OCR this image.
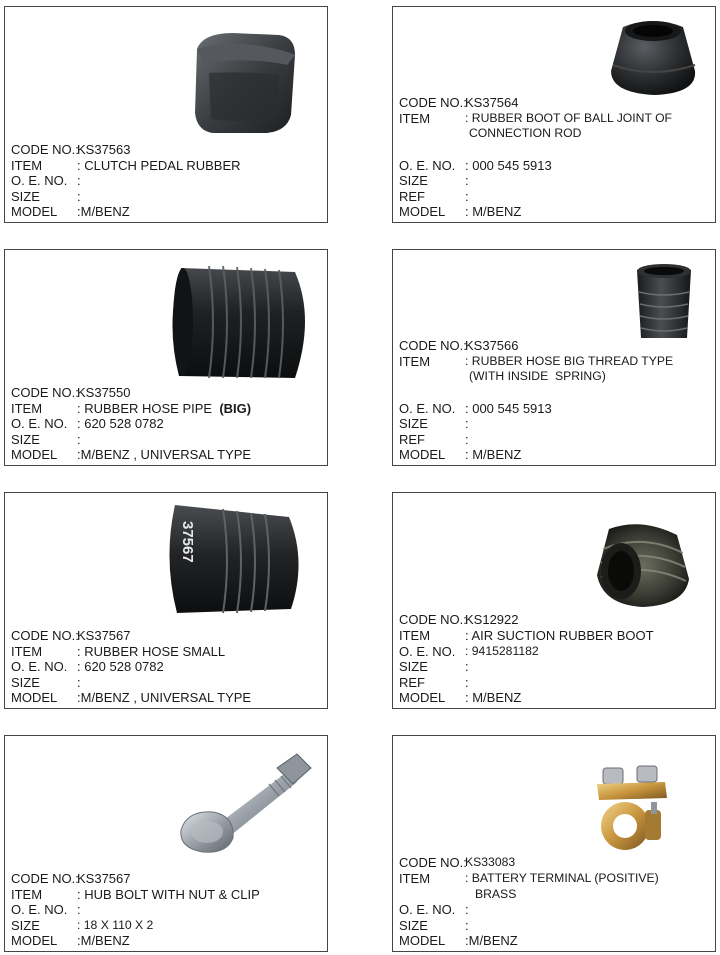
CODE NO.:
KS37563
ITEM	: CLUTCH PEDAL RUBBER
O. E. NO. :
SIZE	:
MODEL	:M/BENZ
CODE NO.:
KS37564
ITEM	: RUBBER BOOT OF BALL JOINT OF
CONNECTION ROD

O. E. NO. : 000 545 5913
SIZE	:
REF	:
MODEL	: M/BENZ
CODE NO.:
KS37550
ITEM	: RUBBER HOSE PIPE
(BIG)
O. E. NO. : 620 528 0782
SIZE	:
MODEL	:M/BENZ , UNIVERSAL TYPE
CODE NO.:
KS37566
ITEM	: RUBBER HOSE BIG THREAD TYPE
(WITH INSIDE  SPRING)

O. E. NO. : 000 545 5913
SIZE	:
REF	:
MODEL	: M/BENZ
37567
CODE NO.:
KS37567
ITEM	: RUBBER HOSE SMALL
O. E. NO. : 620 528 0782
SIZE	:
MODEL	:M/BENZ , UNIVERSAL TYPE
CODE NO.:
KS12922
ITEM	: AIR SUCTION RUBBER BOOT
O. E. NO. : 9415281182
SIZE	:
REF	:
MODEL	: M/BENZ
CODE NO.:
KS37567
ITEM	: HUB BOLT WITH NUT & CLIP
O. E. NO. :
SIZE	: 18 X 110 X 2
MODEL	:M/BENZ
CODE NO.:
KS33083
ITEM	: BATTERY TERMINAL (POSITIVE)
BRASS
O. E. NO. :
SIZE	:
MODEL	:M/BENZ
